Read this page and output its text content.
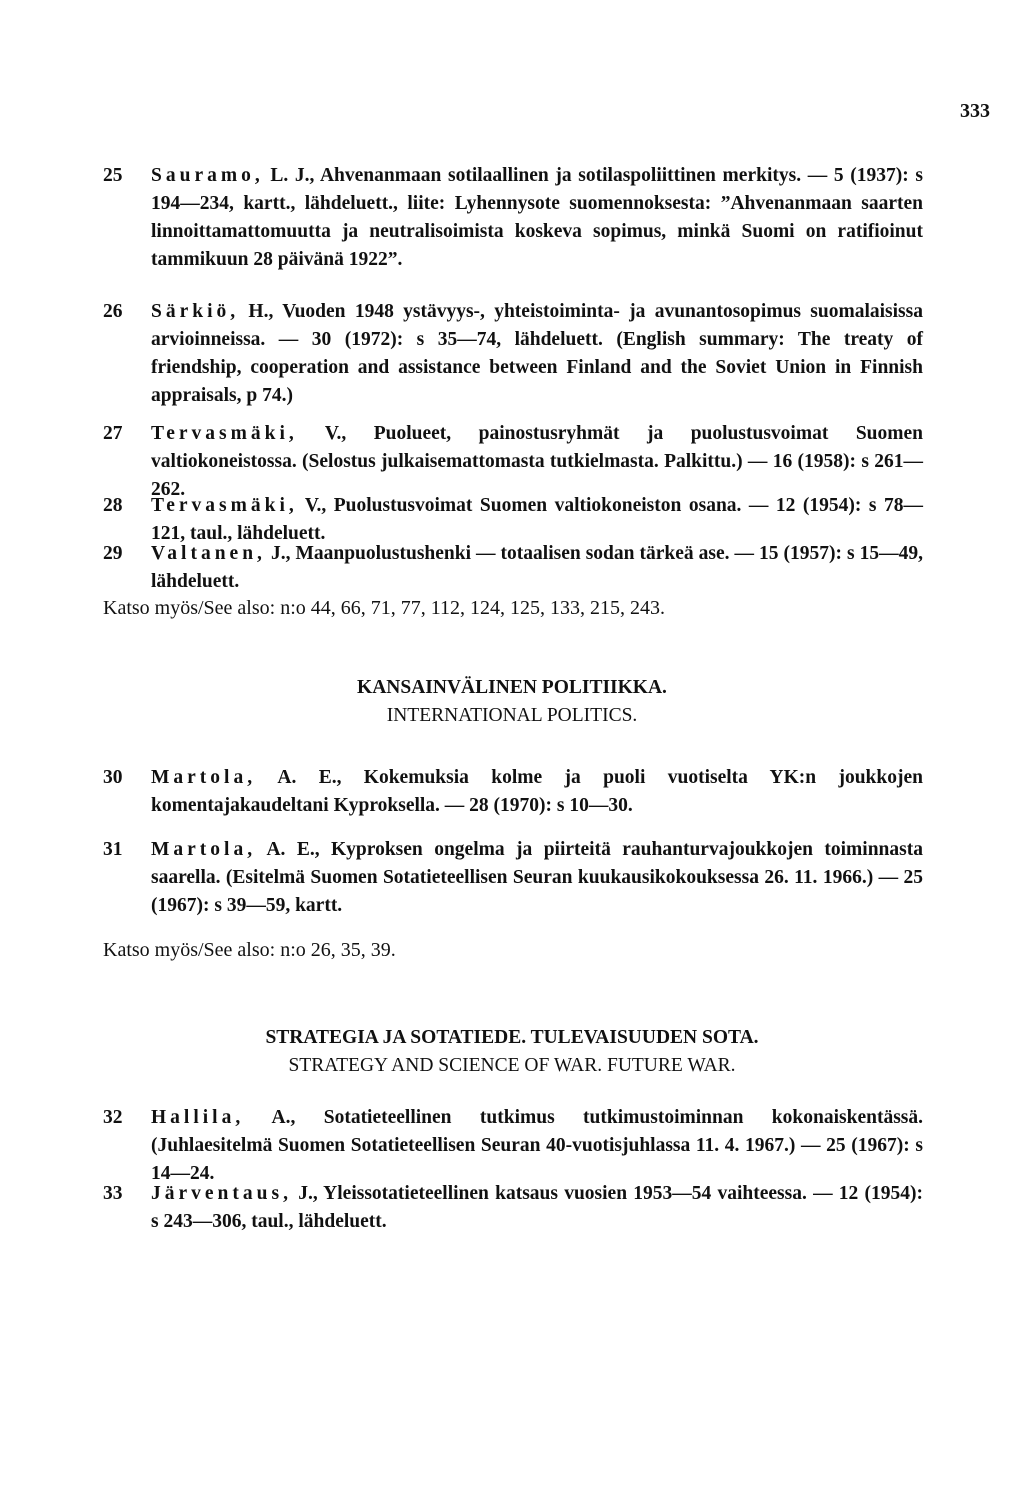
333
25	Sauramo, L. J., Ahvenanmaan sotilaallinen ja sotilaspoliittinen merkitys. — 5 (1937): s 194—234, kartt., lähdeluett., liite: Lyhennysote suomennoksesta: ”Ahvenanmaan saarten linnoittamattomuutta ja neutralisoimista koskeva sopimus, minkä Suomi on ratifioinut tammikuun 28 päivänä 1922”.
26	Särkiö, H., Vuoden 1948 ystävyys-, yhteistoiminta- ja avunantosopimus suomalaisissa arvioinneissa. — 30 (1972): s 35—74, lähdeluett. (English summary: The treaty of friendship, cooperation and assistance between Finland and the Soviet Union in Finnish appraisals, p 74.)
27	Tervasmäki, V., Puolueet, painostusryhmät ja puolustusvoimat Suomen valtiokoneistossa. (Selostus julkaisemattomasta tutkielmasta. Palkittu.) — 16 (1958): s 261—262.
28	Tervasmäki, V., Puolustusvoimat Suomen valtiokoneiston osana. — 12 (1954): s 78—121, taul., lähdeluett.
29	Valtanen, J., Maanpuolustushenki — totaalisen sodan tärkeä ase. — 15 (1957): s 15—49, lähdeluett.
Katso myös/See also: n:o 44, 66, 71, 77, 112, 124, 125, 133, 215, 243.
KANSAINVÄLINEN POLITIIKKA.
INTERNATIONAL POLITICS.
30	Martola, A. E., Kokemuksia kolme ja puoli vuotiselta YK:n joukkojen komentajakaudeltani Kyproksella. — 28 (1970): s 10—30.
31	Martola, A. E., Kyproksen ongelma ja piirteitä rauhanturvajoukkojen toiminnasta saarella. (Esitelmä Suomen Sotatieteellisen Seuran kuukausikokouksessa 26. 11. 1966.) — 25 (1967): s 39—59, kartt.
Katso myös/See also: n:o 26, 35, 39.
STRATEGIA JA SOTATIEDE. TULEVAISUUDEN SOTA.
STRATEGY AND SCIENCE OF WAR. FUTURE WAR.
32	Hallila, A., Sotatieteellinen tutkimus tutkimustoiminnan kokonaiskentässä. (Juhlaesitelmä Suomen Sotatieteellisen Seuran 40-vuotisjuhlassa 11. 4. 1967.) — 25 (1967): s 14—24.
33	Järventaus, J., Yleissotatieteellinen katsaus vuosien 1953—54 vaihteessa. — 12 (1954): s 243—306, taul., lähdeluett.
